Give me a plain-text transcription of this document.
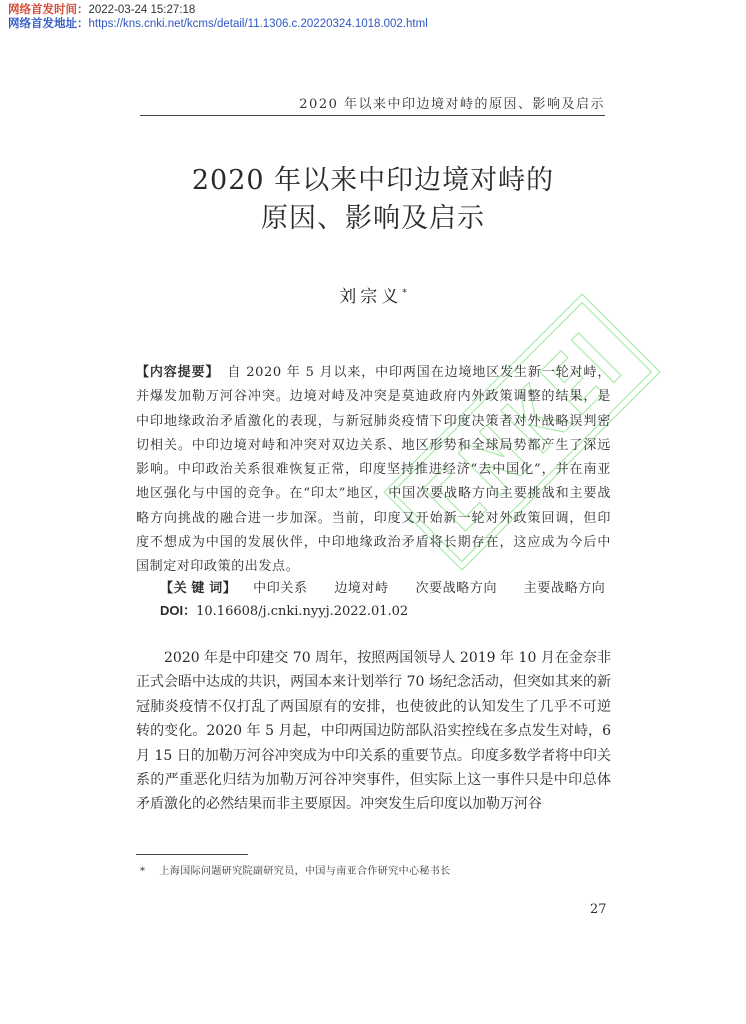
网络首发时间：2022-03-24 15:27:18
网络首发地址：https://kns.cnki.net/kcms/detail/11.1306.c.20220324.1018.002.html
2020 年以来中印边境对峙的原因、影响及启示
2020 年以来中印边境对峙的
原因、影响及启示
刘宗义*
【内容提要】 自 2020 年 5 月以来，中印两国在边境地区发生新一轮对峙，并爆发加勒万河谷冲突。边境对峙及冲突是莫迪政府内外政策调整的结果，是中印地缘政治矛盾激化的表现，与新冠肺炎疫情下印度决策者对外战略误判密切相关。中印边境对峙和冲突对双边关系、地区形势和全球局势都产生了深远影响。中印政治关系很难恢复正常，印度坚持推进经济“去中国化”，并在南亚地区强化与中国的竞争。在“印太”地区，中国次要战略方向主要挑战和主要战略方向挑战的融合进一步加深。当前，印度又开始新一轮对外政策回调，但印度不想成为中国的发展伙伴，中印地缘政治矛盾将长期存在，这应成为今后中国制定对印政策的出发点。
【关 键 词】 中印关系 边境对峙 次要战略方向 主要战略方向
DOI：10.16608/j.cnki.nyyj.2022.01.02
2020 年是中印建交 70 周年，按照两国领导人 2019 年 10 月在金奈非正式会晤中达成的共识，两国本来计划举行 70 场纪念活动，但突如其来的新冠肺炎疫情不仅打乱了两国原有的安排，也使彼此的认知发生了几乎不可逆转的变化。2020 年 5 月起，中印两国边防部队沿实控线在多点发生对峙，6 月 15 日的加勒万河谷冲突成为中印关系的重要节点。印度多数学者将中印关系的严重恶化归结为加勒万河谷冲突事件，但实际上这一事件只是中印总体矛盾激化的必然结果而非主要原因。冲突发生后印度以加勒万河谷
* 上海国际问题研究院副研究员，中国与南亚合作研究中心秘书长
27
